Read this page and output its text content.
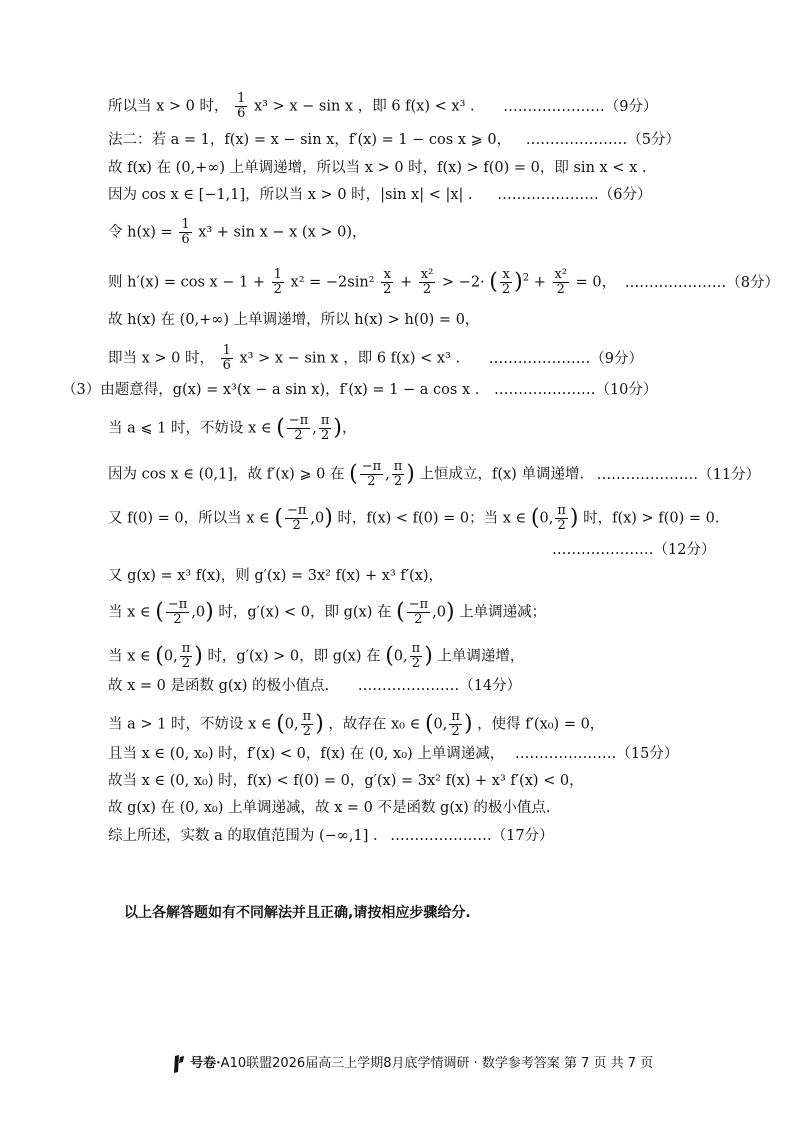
所以当 x > 0 时， $\frac{1}{6} x^3 > x - \sin x$ ，即 6 f(x) < x³ . …………………（9分）
法二：若 a = 1，f(x) = x − sin x，f′(x) = 1 − cos x ⩾ 0， …………………（5分）
故 f(x) 在 (0,+∞) 上单调递增，所以当 x > 0 时，f(x) > f(0) = 0，即 sin x < x .
因为 cos x ∈ [−1,1]，所以当 x > 0 时，|sin x| < |x| . …………………（6分）
令 $h(x) = \frac{1}{6} x^3 + \sin x - x$ (x > 0)，
则 $h'(x) = \cos x - 1 + \frac{1}{2} x^2 = -2\sin^2 \frac{x}{2} + \frac{\text{x²}}{2} > -2\cdot$ ( $\frac{x}{2} )^2 + \frac{\text{x²}}{2} = 0$， …………………（8分）
故 h(x) 在 (0,+∞) 上单调递增，所以 h(x) > h(0) = 0，
即当 x > 0 时， $\frac{1}{6} x^3 > x - \sin x$ ，即 6 f(x) < x³ . …………………（9分）
（3）由题意得，g(x) = x³(x − a sin x)，f′(x) = 1 − a cos x . …………………（10分）
当 a ⩽ 1 时，不妨设 x ∈ ( $\frac{-\pi}{2}$ , $\frac{\pi}{2}$ )，
因为 cos x ∈ (0,1]，故 f′(x) ⩾ 0 在 ( $\frac{-\pi}{2}$ , $\frac{\pi}{2}$ ) 上恒成立，f(x) 单调递增. …………………（11分）
又 f(0) = 0，所以当 x ∈ ( $\frac{-\pi}{2} ,0$) 时，f(x) < f(0) = 0；当 x ∈ (0, $\frac{\pi}{2}$ ) 时，f(x) > f(0) = 0.
…………………（12分）
又 g(x) = x³ f(x)，则 g′(x) = 3x² f(x) + x³ f′(x)，
当 x ∈ ( $\frac{-\pi}{2} ,0$) 时，g′(x) < 0，即 g(x) 在 ( $\frac{-\pi}{2} ,0$) 上单调递减；
当 x ∈ (0, $\frac{\pi}{2}$ ) 时，g′(x) > 0，即 g(x) 在 (0, $\frac{\pi}{2}$ ) 上单调递增，
故 x = 0 是函数 g(x) 的极小值点. …………………（14分）
当 a > 1 时，不妨设 x ∈ (0, $\frac{\pi}{2}$ ) ，故存在 x₀ ∈ (0, $\frac{\pi}{2}$ ) ，使得 f′(x₀) = 0，
且当 x ∈ (0, x₀) 时，f′(x) < 0，f(x) 在 (0, x₀) 上单调递减， …………………（15分）
故当 x ∈ (0, x₀) 时，f(x) < f(0) = 0，g′(x) = 3x² f(x) + x³ f′(x) < 0，
故 g(x) 在 (0, x₀) 上单调递减，故 x = 0 不是函数 g(x) 的极小值点.
综上所述，实数 a 的取值范围为 (−∞,1] . …………………（17分）
以上各解答题如有不同解法并且正确,请按相应步骤给分.
号卷·A10联盟2026届高三上学期8月底学情调研 · 数学参考答案 第 7 页 共 7 页
